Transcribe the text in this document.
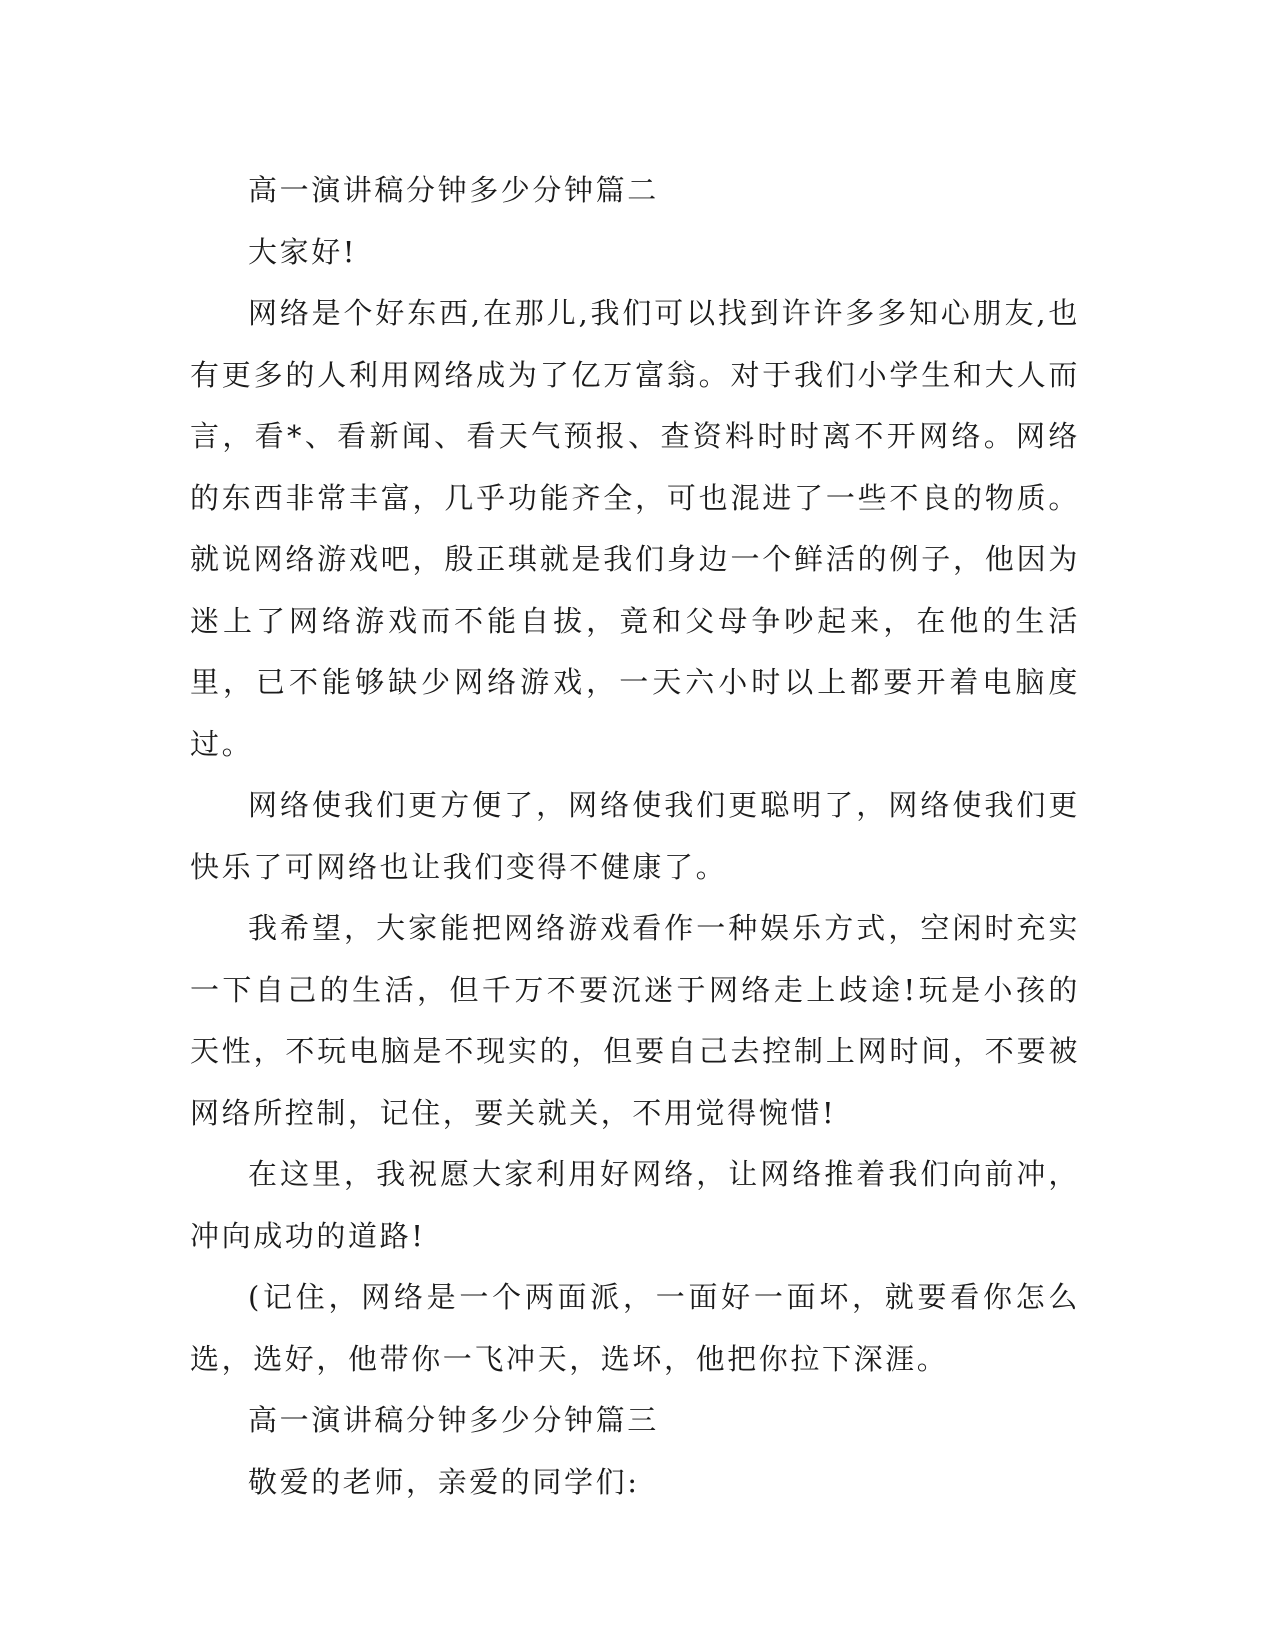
高一演讲稿分钟多少分钟篇二

大家好!

网络是个好东西,在那儿,我们可以找到许许多多知心朋友,也有更多的人利用网络成为了亿万富翁。对于我们小学生和大人而言，看*、看新闻、看天气预报、查资料时时离不开网络。网络的东西非常丰富，几乎功能齐全，可也混进了一些不良的物质。就说网络游戏吧，殷正琪就是我们身边一个鲜活的例子，他因为迷上了网络游戏而不能自拔，竟和父母争吵起来，在他的生活里，已不能够缺少网络游戏，一天六小时以上都要开着电脑度过。

网络使我们更方便了，网络使我们更聪明了，网络使我们更快乐了可网络也让我们变得不健康了。

我希望，大家能把网络游戏看作一种娱乐方式，空闲时充实一下自己的生活，但千万不要沉迷于网络走上歧途!玩是小孩的天性，不玩电脑是不现实的，但要自己去控制上网时间，不要被网络所控制，记住，要关就关，不用觉得惋惜!

在这里，我祝愿大家利用好网络，让网络推着我们向前冲，冲向成功的道路!

(记住，网络是一个两面派，一面好一面坏，就要看你怎么选，选好，他带你一飞冲天，选坏，他把你拉下深涯。

高一演讲稿分钟多少分钟篇三

敬爱的老师，亲爱的同学们:
